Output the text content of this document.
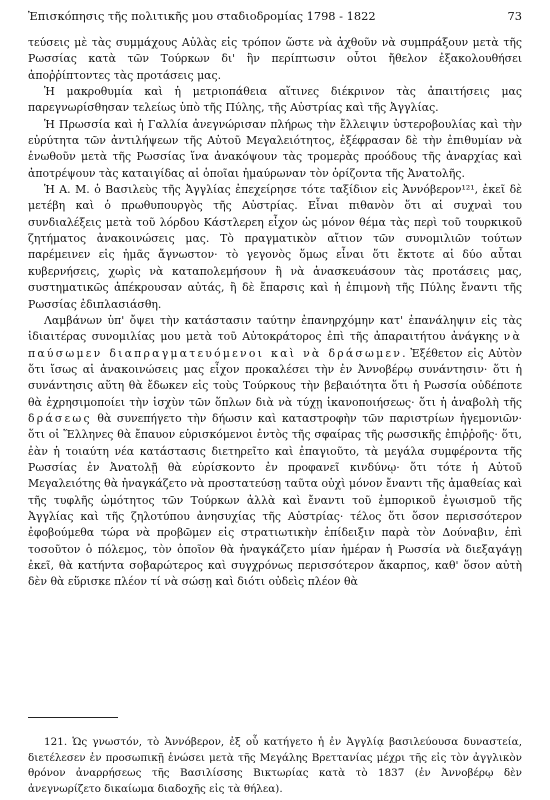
Ἐπισκόπησις τῆς πολιτικῆς μου σταδιοδρομίας 1798 - 1822	73

τεύσεις μὲ τὰς συμμάχους Αὐλὰς εἰς τρόπον ὥστε νὰ ἀχθοῦν νὰ συμπράξουν μετὰ τῆς Ρωσσίας κατὰ τῶν Τούρκων δι' ἣν περίπτωσιν οὗτοι ἤθελον ἐξακολουθήσει ἀποῤῥίπτοντες τὰς προτάσεις μας.

Ἡ μακροθυμία καὶ ἡ μετριοπάθεια αἵτινες διέκρινον τὰς ἀπαιτήσεις μας παρεγνωρίσθησαν τελείως ὑπὸ τῆς Πύλης, τῆς Αὐστρίας καὶ τῆς Ἀγγλίας.

Ἡ Πρωσσία καὶ ἡ Γαλλία ἀνεγνώρισαν πλήρως τὴν ἔλλειψιν ὑστεροβουλίας καὶ τὴν εὐρύτητα τῶν ἀντιλήψεων τῆς Αὐτοῦ Μεγαλειότητος, ἐξέφρασαν δὲ τὴν ἐπιθυμίαν νὰ ἑνωθοῦν μετὰ τῆς Ρωσσίας ἵνα ἀνακόψουν τὰς τρομερὰς προόδους τῆς ἀναρχίας καὶ ἀποτρέψουν τὰς καταιγίδας αἱ ὁποῖαι ἠμαύρωναν τὸν ὁρίζοντα τῆς Ἀνατολῆς.

Ἡ Α. Μ. ὁ Βασιλεὺς τῆς Ἀγγλίας ἐπεχείρησε τότε ταξίδιον εἰς Ἀννόβερον¹²¹, ἐκεῖ δὲ μετέβη καὶ ὁ πρωθυπουργὸς τῆς Αὐστρίας. Εἶναι πιθανὸν ὅτι αἱ συχναὶ του συνδιαλέξεις μετὰ τοῦ λόρδου Κάστλερεη εἶχον ὡς μόνον θέμα τὰς περὶ τοῦ τουρκικοῦ ζητήματος ἀνακοινώσεις μας. Τὸ πραγματικὸν αἴτιον τῶν συνομιλιῶν τούτων παρέμεινεν εἰς ἡμᾶς ἄγνωστον· τὸ γεγονὸς ὅμως εἶναι ὅτι ἔκτοτε αἱ δύο αὗται κυβερνήσεις, χωρὶς νὰ καταπολεμήσουν ἢ νὰ ἀνασκευάσουν τὰς προτάσεις μας, συστηματικῶς ἀπέκρουσαν αὐτάς, ἢ δὲ ἔπαρσις καὶ ἡ ἐπιμονὴ τῆς Πύλης ἔναντι τῆς Ρωσσίας ἐδιπλασιάσθη.

Λαμβάνων ὑπ' ὄψει τὴν κατάστασιν ταύτην ἐπανηρχόμην κατ' ἐπανάληψιν εἰς τὰς ἰδιαιτέρας συνομιλίας μου μετὰ τοῦ Αὐτοκράτορος ἐπὶ τῆς ἀπαραιτήτου ἀνάγκης νὰ παύσωμεν διαπραγματευόμενοι καὶ νὰ δράσωμεν. Ἐξέθετον εἰς Αὐτὸν ὅτι ἴσως αἱ ἀνακοινώσεις μας εἶχον προκαλέσει τὴν ἐν Ἀννοβέρῳ συνάντησιν· ὅτι ἡ συνάντησις αὕτη θὰ ἔδωκεν εἰς τοὺς Τούρκους τὴν βεβαιότητα ὅτι ἡ Ρωσσία οὐδέποτε θὰ ἐχρησιμοποίει τὴν ἰσχὺν τῶν ὅπλων διὰ νὰ τύχῃ ἱκανοποιήσεως· ὅτι ἡ ἀναβολὴ τῆς δράσεως θὰ συνεπήγετο τὴν δήωσιν καὶ καταστροφὴν τῶν παριστρίων ἡγεμονιῶν· ὅτι οἱ Ἕλληνες θὰ ἔπαυον εὑρισκόμενοι ἐντὸς τῆς σφαίρας τῆς ρωσσικῆς ἐπιῤῥοῆς· ὅτι, ἐὰν ἡ τοιαύτη νέα κατάστασις διετηρεῖτο καὶ ἐπαγιοῦτο, τὰ μεγάλα συμφέροντα τῆς Ρωσσίας ἐν Ἀνατολῇ θὰ εὑρίσκοντο ἐν προφανεῖ κινδύνῳ· ὅτι τότε ἡ Αὐτοῦ Μεγαλειότης θὰ ἠναγκάζετο νὰ προστατεύσῃ ταῦτα οὐχὶ μόνον ἔναντι τῆς ἀμαθείας καὶ τῆς τυφλῆς ὠμότητος τῶν Τούρκων ἀλλὰ καὶ ἔναντι τοῦ ἐμπορικοῦ ἐγωισμοῦ τῆς Ἀγγλίας καὶ τῆς ζηλοτύπου ἀνησυχίας τῆς Αὐστρίας· τέλος ὅτι ὅσον περισσότερον ἐφοβούμεθα τώρα νὰ προβῶμεν εἰς στρατιωτικὴν ἐπίδειξιν παρὰ τὸν Δούναβιν, ἐπὶ τοσοῦτον ὁ πόλεμος, τὸν ὁποῖον θὰ ἠναγκάζετο μίαν ἡμέραν ἡ Ρωσσία νὰ διεξαγάγῃ ἐκεῖ, θὰ κατήντα σοβαρώτερος καὶ συγχρόνως περισσότερον ἄκαρπος, καθ' ὅσον αὐτὴ δὲν θὰ εὕρισκε πλέον τί νὰ σώσῃ καὶ διότι οὐδεὶς πλέον θὰ

121. Ὡς γνωστόν, τὸ Ἀννόβερον, ἐξ οὗ κατήγετο ἡ ἐν Ἀγγλίᾳ βασιλεύουσα δυναστεία, διετέλεσεν ἐν προσωπικῇ ἑνώσει μετὰ τῆς Μεγάλης Βρεττανίας μέχρι τῆς εἰς τὸν ἀγγλικὸν θρόνον ἀναρρήσεως τῆς Βασιλίσσης Βικτωρίας κατὰ τὸ 1837 (ἐν Ἀννοβέρῳ δὲν ἀνεγνωρίζετο δικαίωμα διαδοχῆς εἰς τὰ θήλεα).
